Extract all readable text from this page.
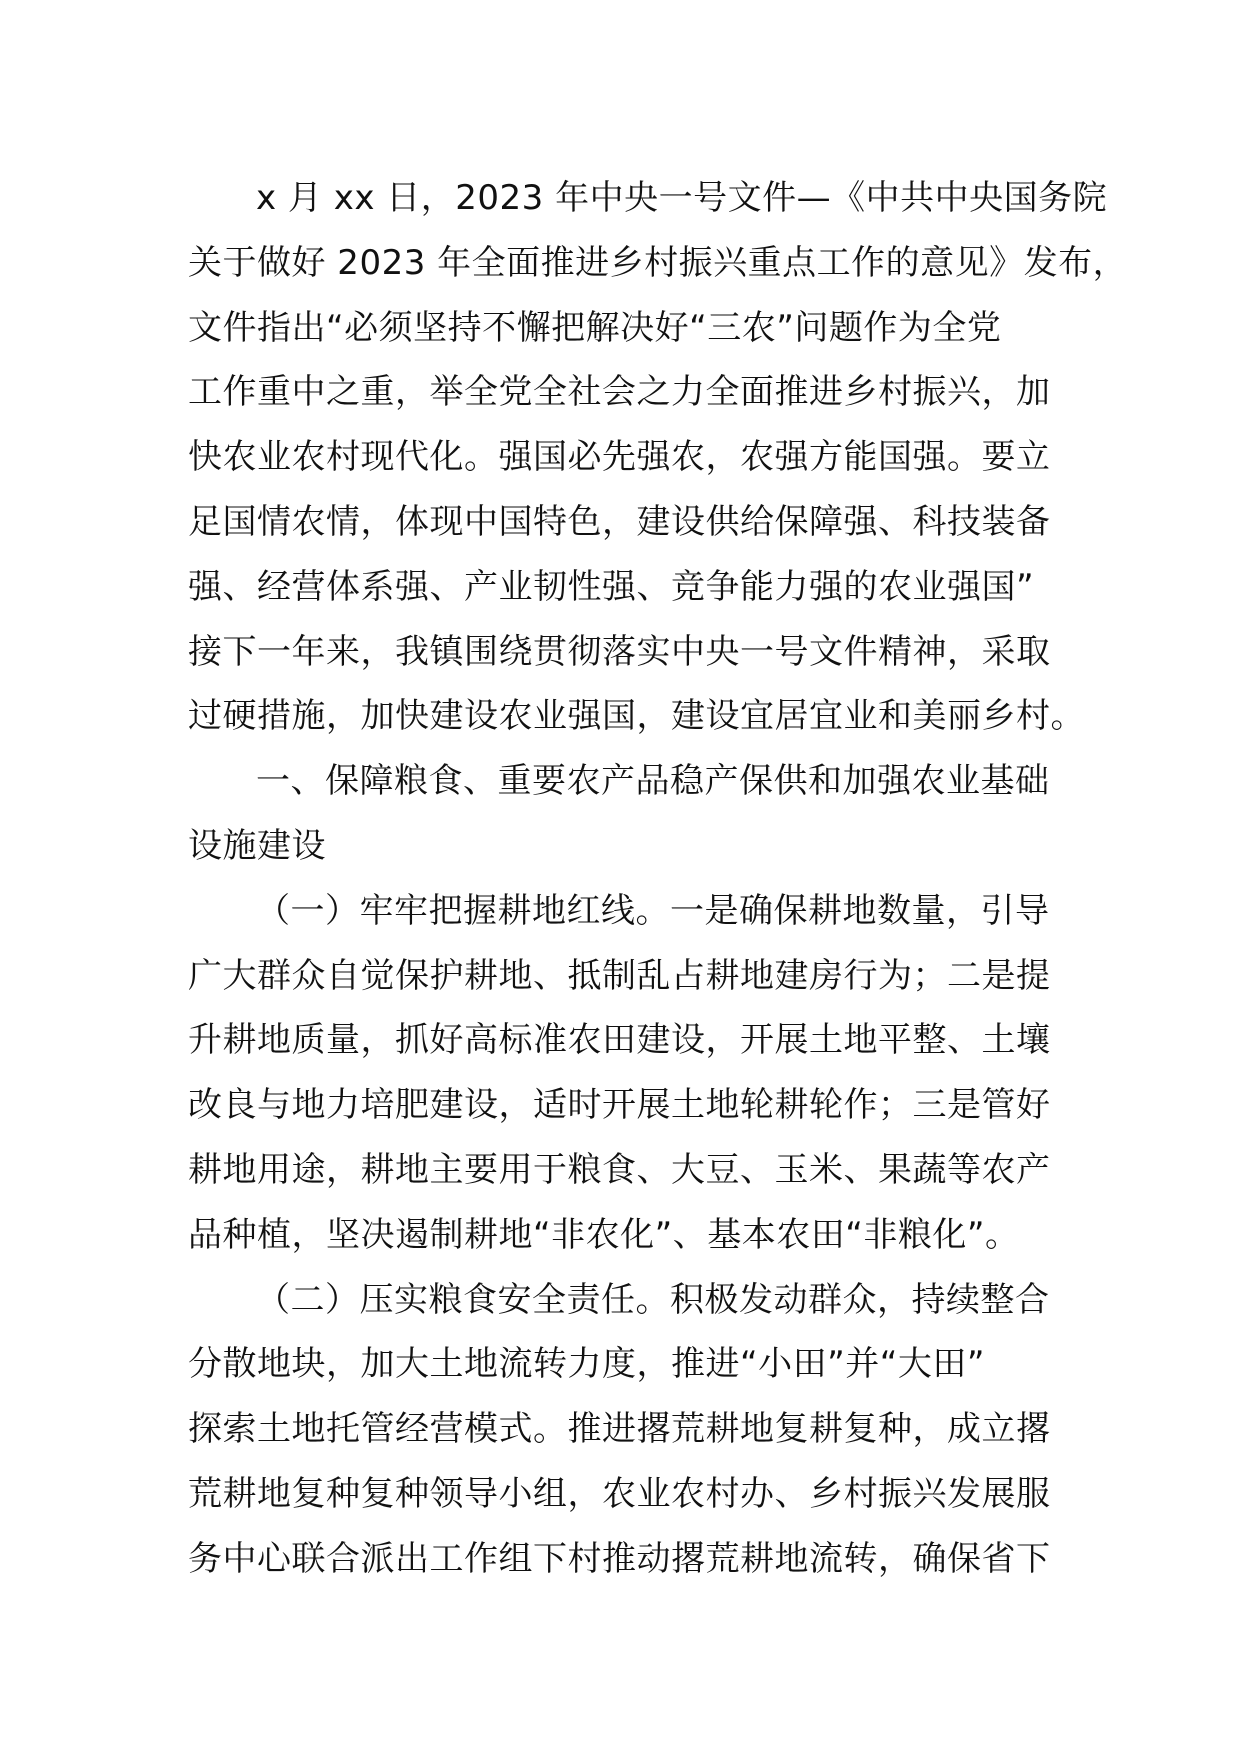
x 月 xx 日，2023 年中央一号文件—《中共中央国务院
关于做好 2023 年全面推进乡村振兴重点工作的意见》发布，
文件指出“必须坚持不懈把解决好“三农”问题作为全党
工作重中之重，举全党全社会之力全面推进乡村振兴，加
快农业农村现代化。强国必先强农，农强方能国强。要立
足国情农情，体现中国特色，建设供给保障强、科技装备
强、经营体系强、产业韧性强、竞争能力强的农业强国”
接下一年来，我镇围绕贯彻落实中央一号文件精神，采取
过硬措施，加快建设农业强国，建设宜居宜业和美丽乡村。
一、保障粮食、重要农产品稳产保供和加强农业基础
设施建设
（一）牢牢把握耕地红线。一是确保耕地数量，引导
广大群众自觉保护耕地、抵制乱占耕地建房行为；二是提
升耕地质量，抓好高标准农田建设，开展土地平整、土壤
改良与地力培肥建设，适时开展土地轮耕轮作；三是管好
耕地用途，耕地主要用于粮食、大豆、玉米、果蔬等农产
品种植，坚决遏制耕地“非农化”、基本农田“非粮化”。
（二）压实粮食安全责任。积极发动群众，持续整合
分散地块，加大土地流转力度，推进“小田”并“大田”
探索土地托管经营模式。推进撂荒耕地复耕复种，成立撂
荒耕地复种复种领导小组，农业农村办、乡村振兴发展服
务中心联合派出工作组下村推动撂荒耕地流转，确保省下
